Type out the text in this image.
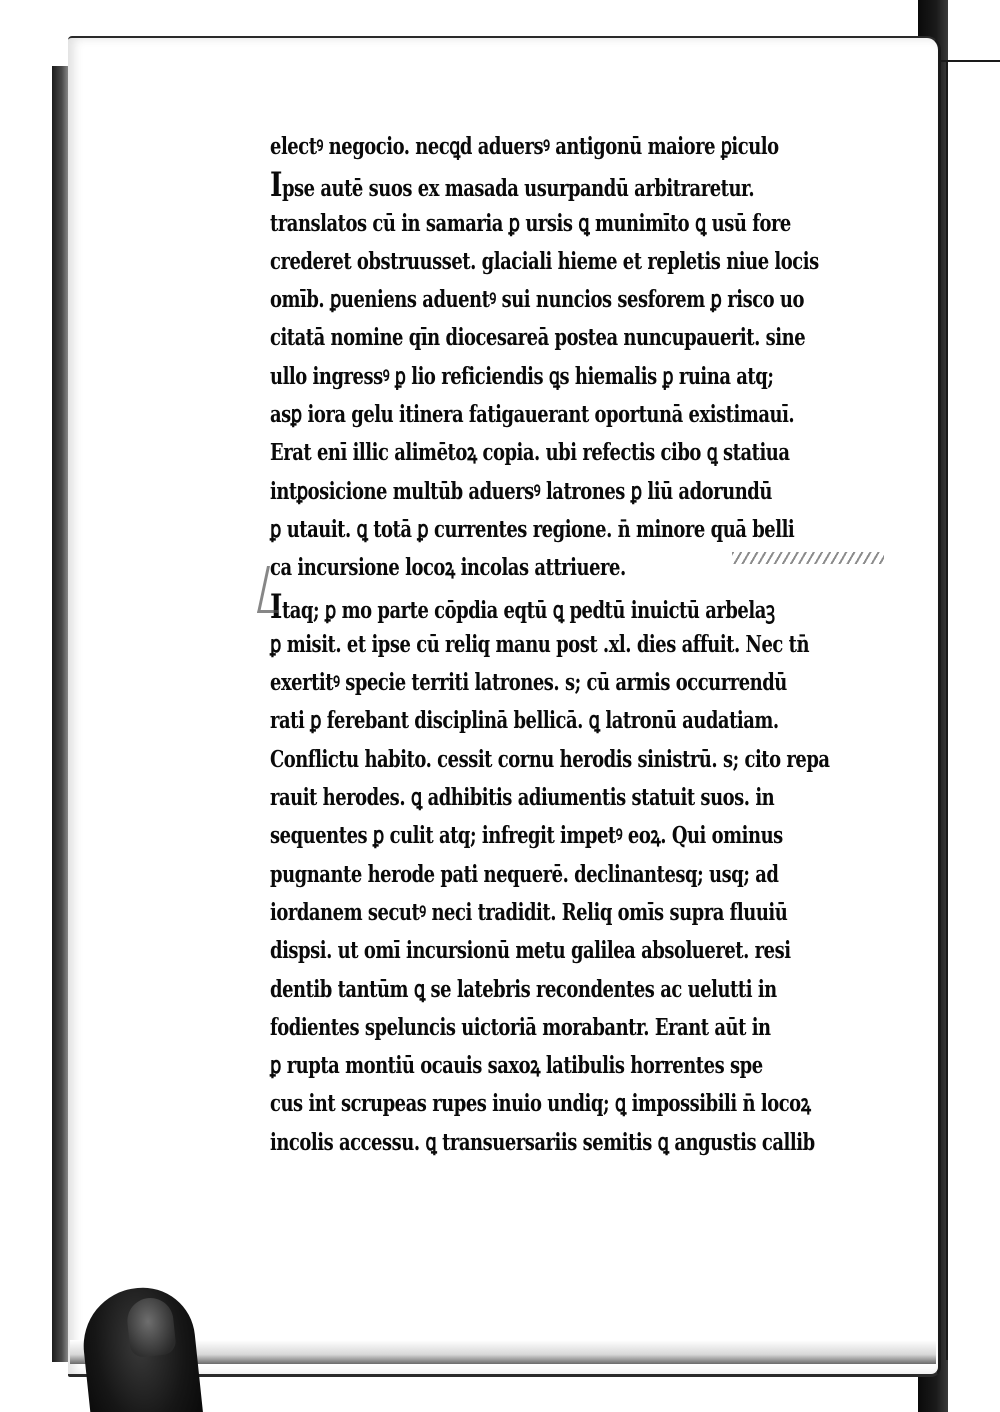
electꝰ negocio. necꝗd aduersꝰ antigonū maiore ꝑiculo
Ipse autē suos ex masada usurpandū arbitraretur.
translatos cū in samaria ꝑ ursis ꝗ munimīto ꝗ usū fore
crederet obstruusset. glaciali hieme et repletis niue locis
omīb. ꝑueniens aduentꝰ sui nuncios sesforem ꝑ risco uo
citatā nomine qīn diocesareā postea nuncupauerit. sine
ullo ingressꝰ ꝑ lio reficiendis ꝗs hiemalis ꝑ ruina atq;
asꝑ iora gelu itinera fatigauerant oportunā existimauī.
Erat enī illic alimētoꝝ copia. ubi refectis cibo ꝗ statiua
intꝑosicione multūb aduersꝰ latrones ꝑ liū adorundū
ꝑ utauit. ꝗ totā ꝑ currentes regione. n̄ minore quā belli
ca incursione locoꝝ incolas attriuere.
Itaq; ꝑ mo parte cōpdia eqtū ꝗ pedtū inuictū arbelaꝫ
ꝑ misit. et ipse cū reliq manu post .xl. dies affuit. Nec tn̄
exertitꝰ specie territi latrones. s; cū armis occurrendū
rati ꝑ ferebant disciplinā bellicā. ꝗ latronū audatiam.
Conflictu habito. cessit cornu herodis sinistrū. s; cito repa
rauit herodes. ꝗ adhibitis adiumentis statuit suos. in
sequentes ꝑ culit atq; infregit impetꝰ eoꝝ. Qui ominus
pugnante herode pati nequerē. declinantesq; usq; ad
iordanem secutꝰ neci tradidit. Reliq omīs supra fluuiū
dispsi. ut omī incursionū metu galilea absolueret. resi
dentib tantūm ꝗ se latebris recondentes ac uelutti in
fodientes speluncis uictoriā morabantr. Erant aūt in
ꝑ rupta montiū ocauis saxoꝝ latibulis horrentes spe
cus int scrupeas rupes inuio undiq; ꝗ impossibili n̄ locoꝝ
incolis accessu. ꝗ transuersariis semitis ꝗ angustis callib
